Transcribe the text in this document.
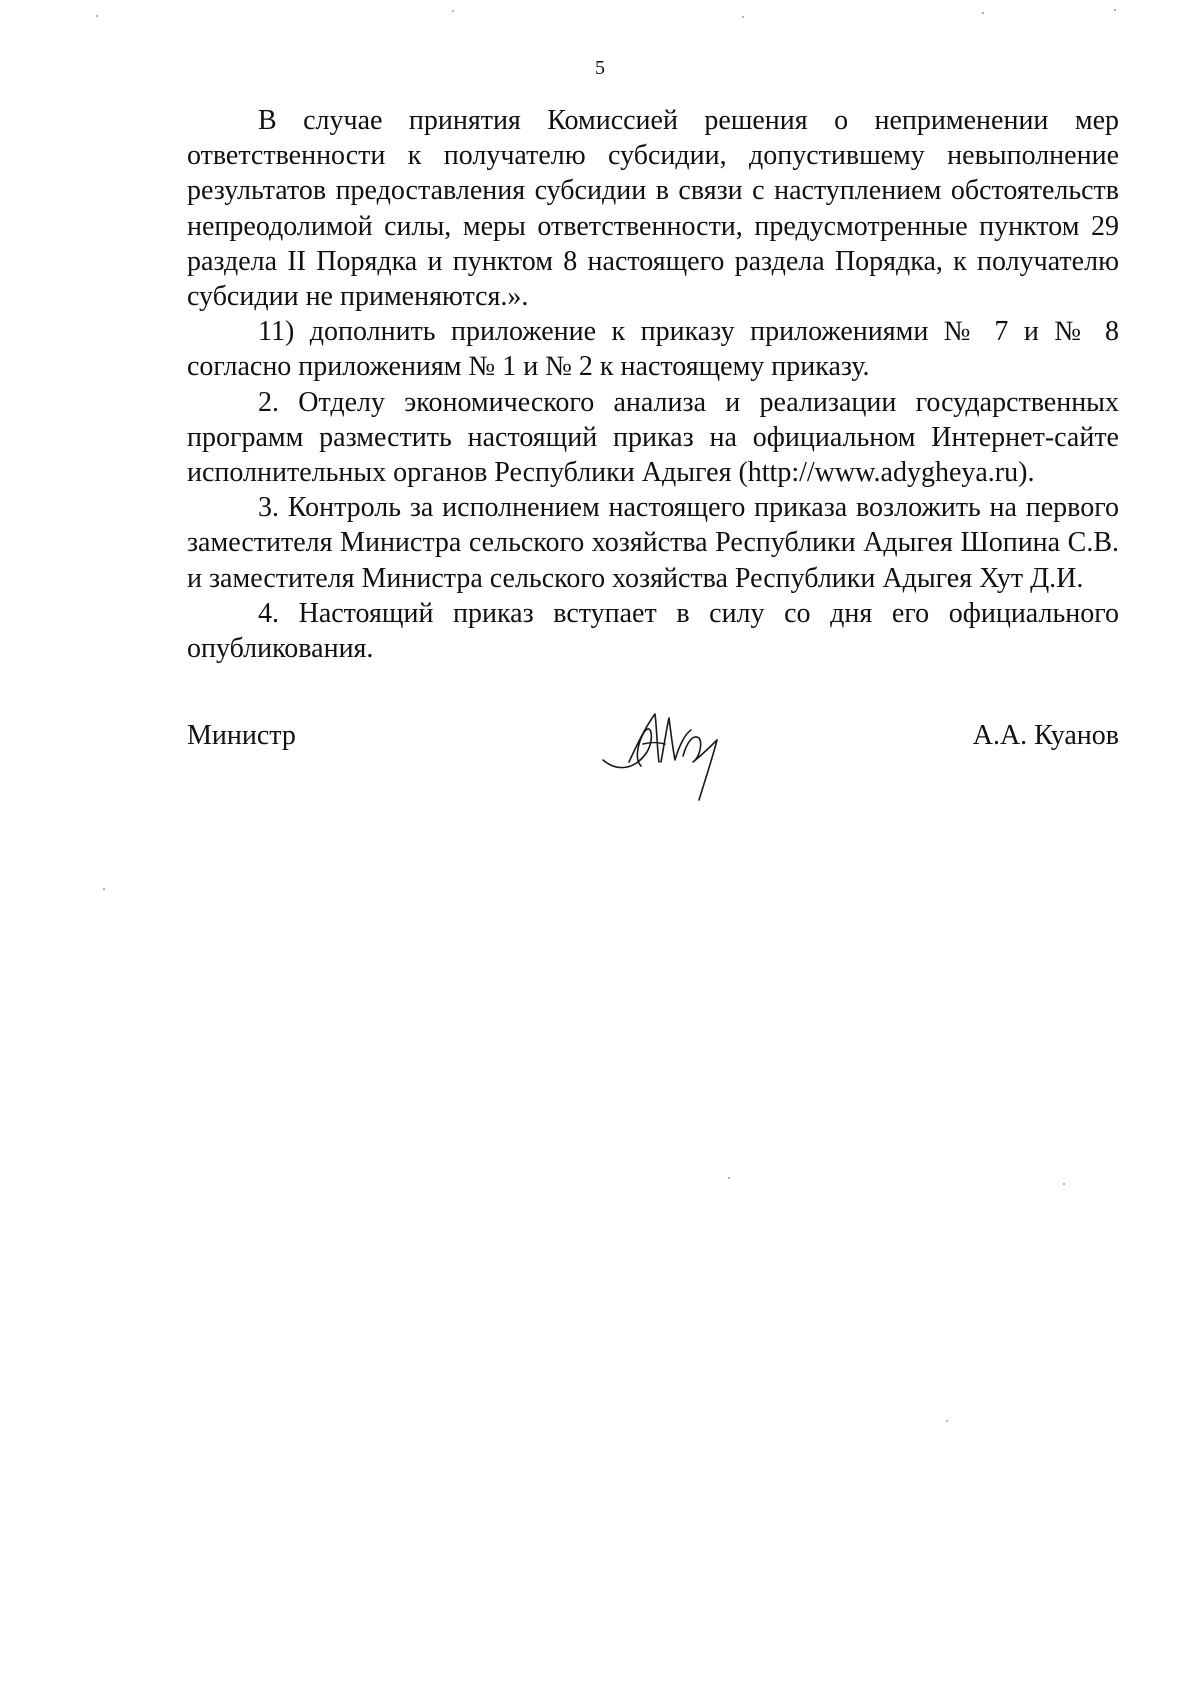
5

В случае принятия Комиссией решения о неприменении мер ответственности к получателю субсидии, допустившему невыполнение результатов предоставления субсидии в связи с наступлением обстоятельств непреодолимой силы, меры ответственности, предусмотренные пунктом 29 раздела II Порядка и пунктом 8 настоящего раздела Порядка, к получателю субсидии не применяются.».

11) дополнить приложение к приказу приложениями № 7 и № 8 согласно приложениям № 1 и № 2 к настоящему приказу.

2. Отделу экономического анализа и реализации государственных программ разместить настоящий приказ на официальном Интернет-сайте исполнительных органов Республики Адыгея (http://www.adygheya.ru).

3. Контроль за исполнением настоящего приказа возложить на первого заместителя Министра сельского хозяйства Республики Адыгея Шопина С.В. и заместителя Министра сельского хозяйства Республики Адыгея Хут Д.И.

4. Настоящий приказ вступает в силу со дня его официального опубликования.

Министр	А.А. Куанов
